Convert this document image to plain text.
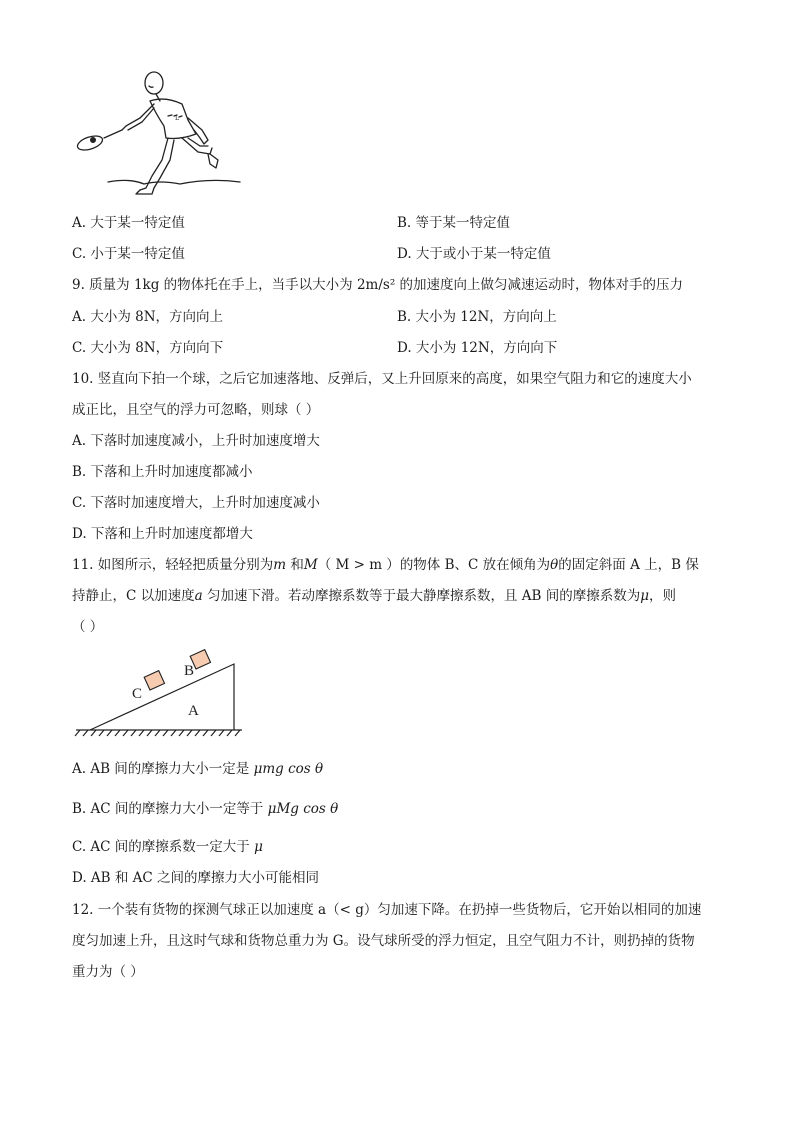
L
A. 大于某一特定值	B. 等于某一特定值
C. 小于某一特定值	D. 大于或小于某一特定值
9. 质量为 1kg 的物体托在手上，当手以大小为 2m/s² 的加速度向上做匀减速运动时，物体对手的压力
A. 大小为 8N，方向向上	B. 大小为 12N，方向向上
C. 大小为 8N，方向向下	D. 大小为 12N，方向向下
10. 竖直向下拍一个球，之后它加速落地、反弹后，又上升回原来的高度，如果空气阻力和它的速度大小
成正比，且空气的浮力可忽略，则球（ ）
A. 下落时加速度减小，上升时加速度增大
B. 下落和上升时加速度都减小
C. 下落时加速度增大，上升时加速度减小
D. 下落和上升时加速度都增大
11. 如图所示，轻轻把质量分别为m 和M（ M > m ）的物体 B、C 放在倾角为θ的固定斜面 A 上，B 保
持静止，C 以加速度a 匀加速下滑。若动摩擦系数等于最大静摩擦系数，且 AB 间的摩擦系数为μ，则
（ ）
C
B
A
A. AB 间的摩擦力大小一定是 μmg cos θ
B. AC 间的摩擦力大小一定等于 μMg cos θ
C. AC 间的摩擦系数一定大于 μ
D. AB 和 AC 之间的摩擦力大小可能相同
12. 一个装有货物的探测气球正以加速度 a（< g）匀加速下降。在扔掉一些货物后，它开始以相同的加速
度匀加速上升，且这时气球和货物总重力为 G。设气球所受的浮力恒定，且空气阻力不计，则扔掉的货物
重力为（ ）
